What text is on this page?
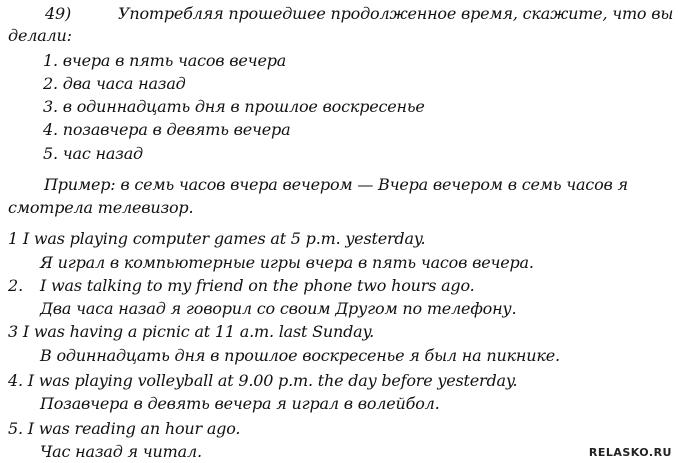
49)	Употребляя прошедшее продолженное время, скажите, что вы
делали:
1. вчера в пять часов вечера
2. два часа назад
3. в одиннадцать дня в прошлое воскресенье
4. позавчера в девять вечера
5. час назад
Пример: в семь часов вчера вечером — Вчера вечером в семь часов я
смотрела телевизор.
1 I was playing computer games at 5 p.m. yesterday.
Я играл в компьютерные игры вчера в пять часов вечера.
2. I was talking to my friend on the phone two hours ago.
Два часа назад я говорил со своим Другом по телефону.
3 I was having a picnic at 11 a.m. last Sunday.
В одиннадцать дня в прошлое воскресенье я был на пикнике.
4. I was playing volleyball at 9.00 p.m. the day before yesterday.
Позавчера в девять вечера я играл в волейбол.
5. I was reading an hour ago.
Час назад я читал.	RELASKO.RU
